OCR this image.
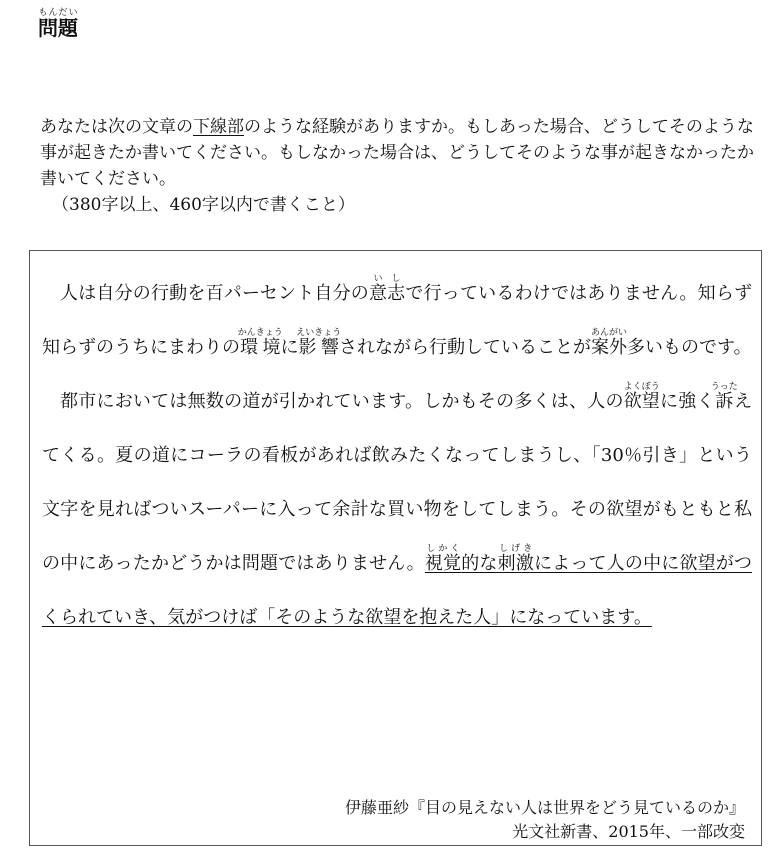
問題もんだい

あなたは次の文章の下線部のような経験がありますか。もしあった場合、どうしてそのような事が起きたか書いてください。もしなかった場合は、どうしてそのような事が起きなかったか書いてください。

（380字以上、460字以内で書くこと）

人は自分の行動を百パーセント自分の意志いしで行っているわけではありません。知らず知らずのうちにまわりの環境かんきょうに影響えいきょうされながら行動していることが案外あんがい多いものです。

都市においては無数の道が引かれています。しかもその多くは、人の欲望よくぼうに強く訴うったえてくる。夏の道にコーラの看板があれば飲みたくなってしまうし、「30％引き」という文字を見ればついスーパーに入って余計な買い物をしてしまう。その欲望がもともと私の中にあったかどうかは問題ではありません。視覚しかく的な刺激しげきによって人の中に欲望がつくられていき、気がつけば「そのような欲望を抱えた人」になっています。

伊藤亜紗『目の見えない人は世界をどう見ているのか』
光文社新書、2015年、一部改変
